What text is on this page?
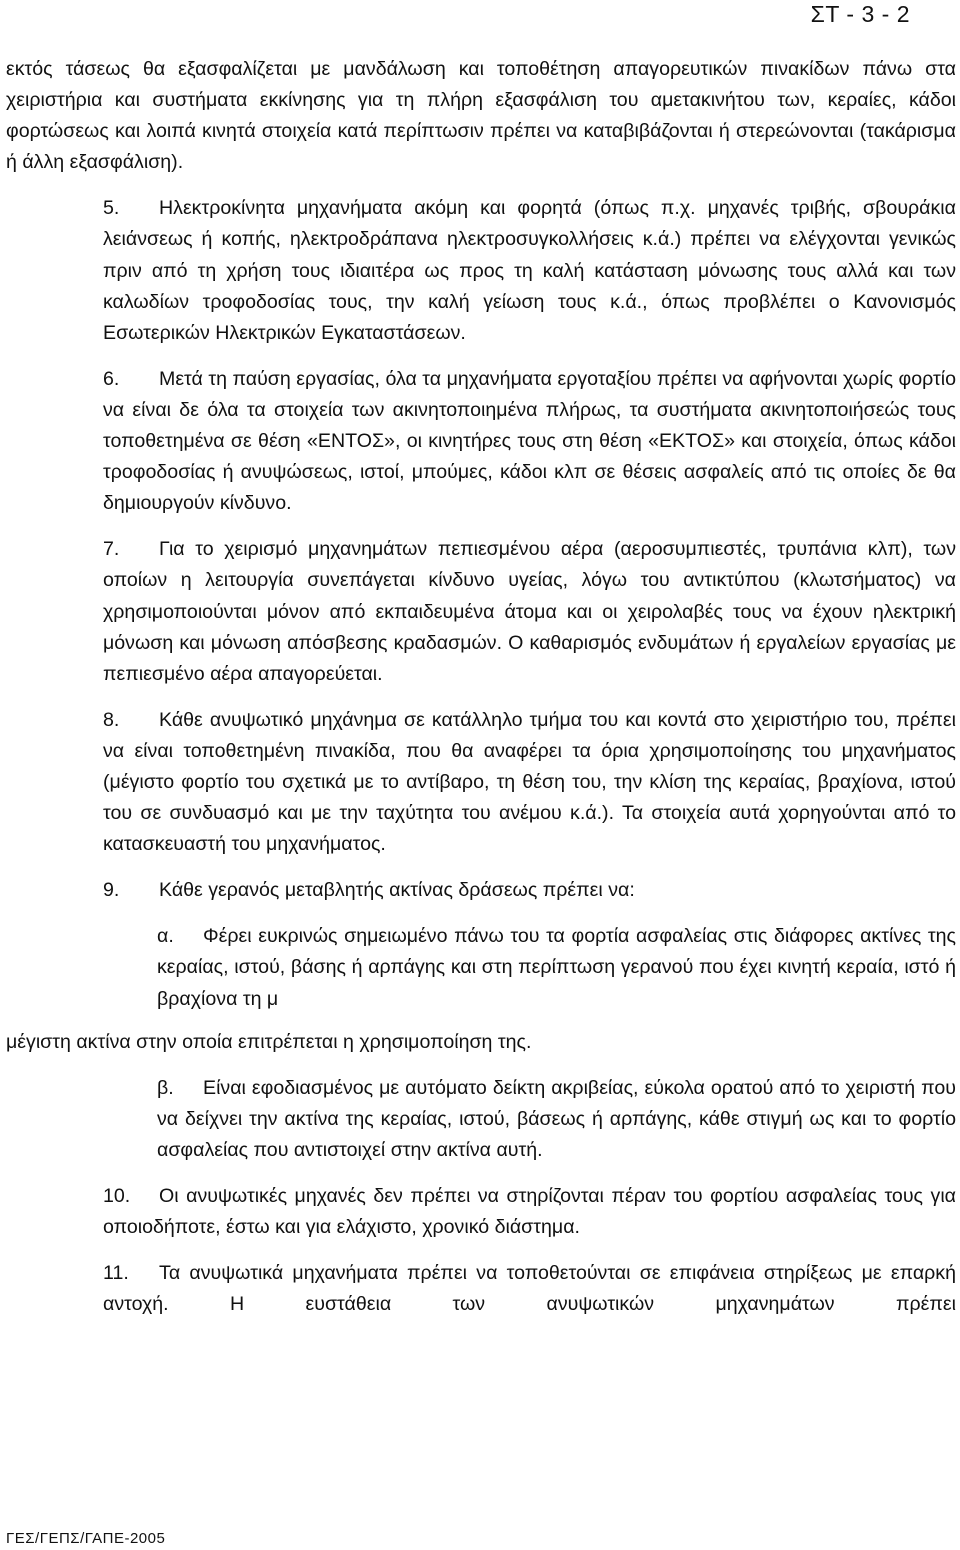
ΣΤ - 3 - 2

εκτός τάσεως θα εξασφαλίζεται με μανδάλωση και τοποθέτηση απαγορευτικών πινακίδων πάνω στα χειριστήρια και συστήματα εκκίνησης για τη πλήρη εξασφάλιση του αμετακινήτου των, κεραίες, κάδοι φορτώσεως και λοιπά κινητά στοιχεία κατά περίπτωσιν πρέπει να καταβιβάζονται ή στερεώνονται (τακάρισμα ή άλλη εξασφάλιση).

5. Ηλεκτροκίνητα μηχανήματα ακόμη και φορητά (όπως π.χ. μηχανές τριβής, σβουράκια λειάνσεως ή κοπής, ηλεκτροδράπανα ηλεκτροσυγκολλήσεις κ.ά.) πρέπει να ελέγχονται γενικώς πριν από τη χρήση τους ιδιαιτέρα ως προς τη καλή κατάσταση μόνωσης τους αλλά και των καλωδίων τροφοδοσίας τους, την καλή γείωση τους κ.ά., όπως προβλέπει ο Κανονισμός Εσωτερικών Ηλεκτρικών Εγκαταστάσεων.

6. Μετά τη παύση εργασίας, όλα τα μηχανήματα εργοταξίου πρέπει να αφήνονται χωρίς φορτίο να είναι δε όλα τα στοιχεία των ακινητοποιημένα πλήρως, τα συστήματα ακινητοποιήσεώς τους τοποθετημένα σε θέση «ΕΝΤΟΣ», οι κινητήρες τους στη θέση «ΕΚΤΟΣ» και στοιχεία, όπως κάδοι τροφοδοσίας ή ανυψώσεως, ιστοί, μπούμες, κάδοι κλπ σε θέσεις ασφαλείς από τις οποίες δε θα δημιουργούν κίνδυνο.

7. Για το χειρισμό μηχανημάτων πεπιεσμένου αέρα (αεροσυμπιεστές, τρυπάνια κλπ), των οποίων η λειτουργία συνεπάγεται κίνδυνο υγείας, λόγω του αντικτύπου (κλωτσήματος) να χρησιμοποιούνται μόνον από εκπαιδευμένα άτομα και οι χειρολαβές τους να έχουν ηλεκτρική μόνωση και μόνωση απόσβεσης κραδασμών. Ο καθαρισμός ενδυμάτων ή εργαλείων εργασίας με πεπιεσμένο αέρα απαγορεύεται.

8. Κάθε ανυψωτικό μηχάνημα σε κατάλληλο τμήμα του και κοντά στο χειριστήριο του, πρέπει να είναι τοποθετημένη πινακίδα, που θα αναφέρει τα όρια χρησιμοποίησης του μηχανήματος (μέγιστο φορτίο του σχετικά με το αντίβαρο, τη θέση του, την κλίση της κεραίας, βραχίονα, ιστού του σε συνδυασμό και με την ταχύτητα του ανέμου κ.ά.). Τα στοιχεία αυτά χορηγούνται από το κατασκευαστή του μηχανήματος.

9. Κάθε γερανός μεταβλητής ακτίνας δράσεως πρέπει να:

α. Φέρει ευκρινώς σημειωμένο πάνω του τα φορτία ασφαλείας στις διάφορες ακτίνες της κεραίας, ιστού, βάσης ή αρπάγης και στη περίπτωση γερανού που έχει κινητή κεραία, ιστό ή βραχίονα τη μ

μέγιστη ακτίνα στην οποία επιτρέπεται η χρησιμοποίηση της.

β. Είναι εφοδιασμένος με αυτόματο δείκτη ακριβείας, εύκολα ορατού από το χειριστή που να δείχνει την ακτίνα της κεραίας, ιστού, βάσεως ή αρπάγης, κάθε στιγμή ως και το φορτίο ασφαλείας που αντιστοιχεί στην ακτίνα αυτή.

10. Οι ανυψωτικές μηχανές δεν πρέπει να στηρίζονται πέραν του φορτίου ασφαλείας τους για οποιοδήποτε, έστω και για ελάχιστο, χρονικό διάστημα.

11. Τα ανυψωτικά μηχανήματα πρέπει να τοποθετούνται σε επιφάνεια στηρίξεως με επαρκή αντοχή. Η ευστάθεια των ανυψωτικών μηχανημάτων πρέπει

ΓΕΣ/ΓΕΠΣ/ΓΑΠΕ-2005
